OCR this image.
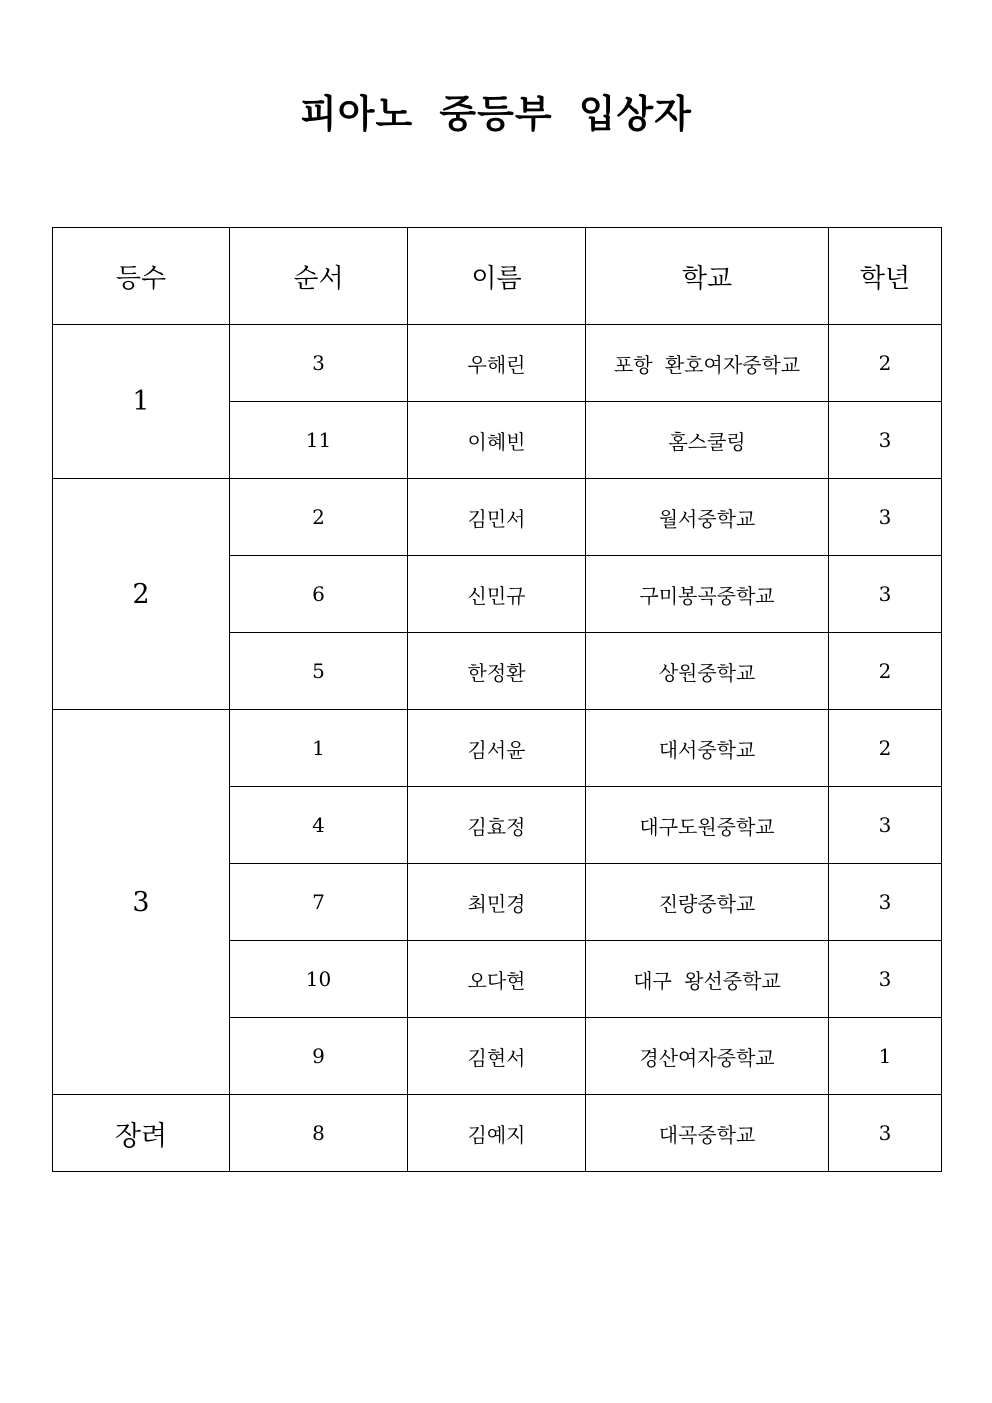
피아노 중등부 입상자
등수	순서	이름	학교	학년
1	3	우해린	포항 환호여자중학교	2
	11	이혜빈	홈스쿨링	3
2	2	김민서	월서중학교	3
	6	신민규	구미봉곡중학교	3
	5	한정환	상원중학교	2
3	1	김서윤	대서중학교	2
	4	김효정	대구도원중학교	3
	7	최민경	진량중학교	3
	10	오다현	대구 왕선중학교	3
	9	김현서	경산여자중학교	1
장려	8	김예지	대곡중학교	3
